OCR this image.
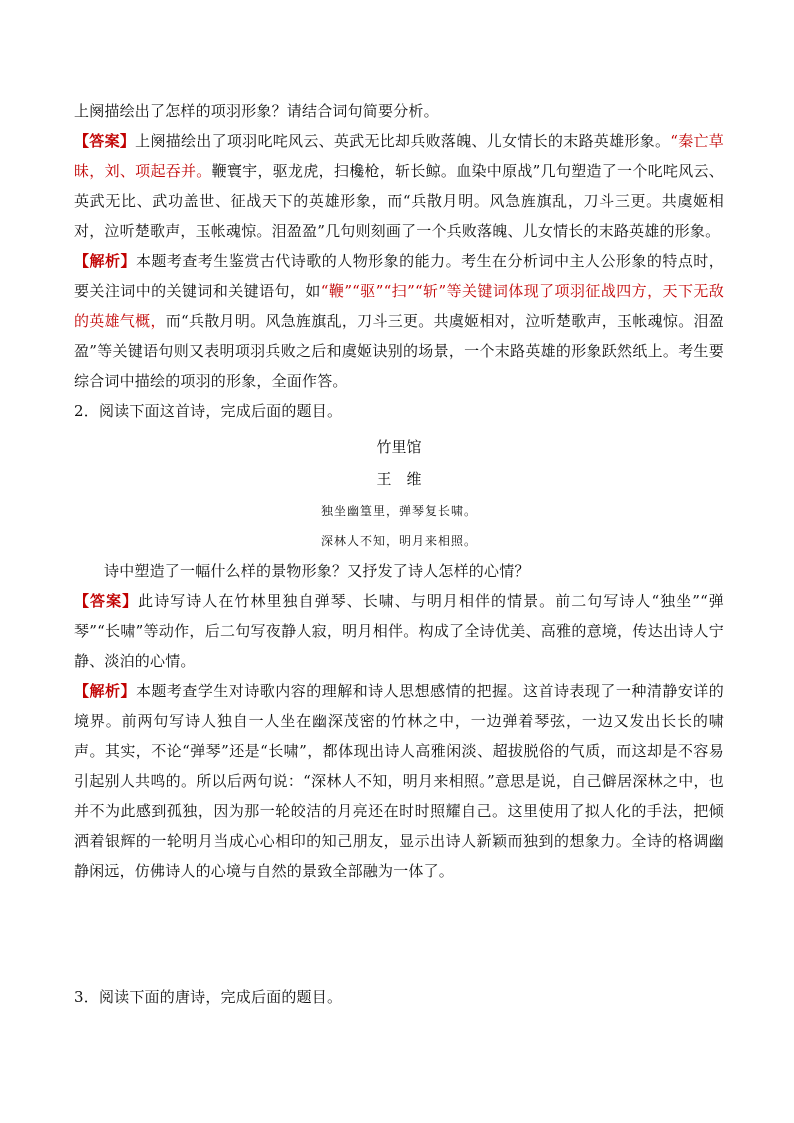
上阕描绘出了怎样的项羽形象？请结合词句简要分析。

【答案】上阕描绘出了项羽叱咤风云、英武无比却兵败落魄、儿女情长的末路英雄形象。“秦亡草昧，刘、项起吞并。鞭寰宇，驱龙虎，扫欃枪，斩长鲸。血染中原战”几句塑造了一个叱咤风云、英武无比、武功盖世、征战天下的英雄形象，而“兵散月明。风急旌旗乱，刀斗三更。共虞姬相对，泣听楚歌声，玉帐魂惊。泪盈盈”几句则刻画了一个兵败落魄、儿女情长的末路英雄的形象。

【解析】本题考查考生鉴赏古代诗歌的人物形象的能力。考生在分析词中主人公形象的特点时，要关注词中的关键词和关键语句，如“鞭”“驱”“扫”“斩”等关键词体现了项羽征战四方，天下无敌的英雄气概，而“兵散月明。风急旌旗乱，刀斗三更。共虞姬相对，泣听楚歌声，玉帐魂惊。泪盈盈”等关键语句则又表明项羽兵败之后和虞姬诀别的场景，一个末路英雄的形象跃然纸上。考生要综合词中描绘的项羽的形象，全面作答。

2．阅读下面这首诗，完成后面的题目。

竹里馆
王　维
独坐幽篁里，弹琴复长啸。
深林人不知，明月来相照。

诗中塑造了一幅什么样的景物形象？又抒发了诗人怎样的心情？

【答案】此诗写诗人在竹林里独自弹琴、长啸、与明月相伴的情景。前二句写诗人“独坐”“弹琴”“长啸”等动作，后二句写夜静人寂，明月相伴。构成了全诗优美、高雅的意境，传达出诗人宁静、淡泊的心情。

【解析】本题考查学生对诗歌内容的理解和诗人思想感情的把握。这首诗表现了一种清静安详的境界。前两句写诗人独自一人坐在幽深茂密的竹林之中，一边弹着琴弦，一边又发出长长的啸声。其实，不论“弹琴”还是“长啸”，都体现出诗人高雅闲淡、超拔脱俗的气质，而这却是不容易引起别人共鸣的。所以后两句说：“深林人不知，明月来相照。”意思是说，自己僻居深林之中，也并不为此感到孤独，因为那一轮皎洁的月亮还在时时照耀自己。这里使用了拟人化的手法，把倾洒着银辉的一轮明月当成心心相印的知己朋友，显示出诗人新颖而独到的想象力。全诗的格调幽静闲远，仿佛诗人的心境与自然的景致全部融为一体了。

3．阅读下面的唐诗，完成后面的题目。
